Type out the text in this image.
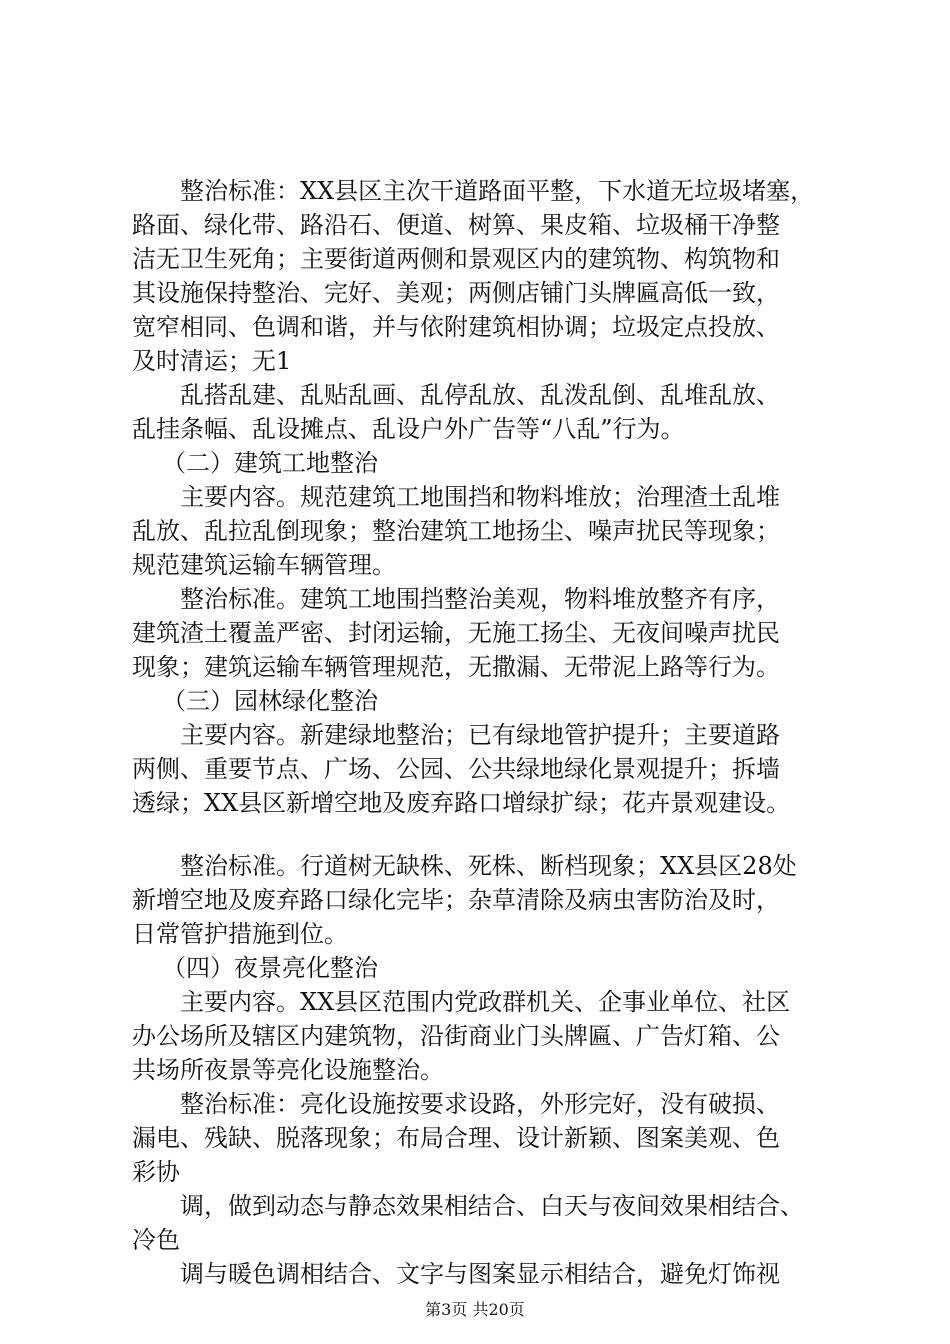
整治标准：XX县区主次干道路面平整，下水道无垃圾堵塞，
路面、绿化带、路沿石、便道、树箅、果皮箱、垃圾桶干净整
洁无卫生死角；主要街道两侧和景观区内的建筑物、构筑物和
其设施保持整治、完好、美观；两侧店铺门头牌匾高低一致，
宽窄相同、色调和谐，并与依附建筑相协调；垃圾定点投放、
及时清运；无1
乱搭乱建、乱贴乱画、乱停乱放、乱泼乱倒、乱堆乱放、
乱挂条幅、乱设摊点、乱设户外广告等“八乱”行为。
（二）建筑工地整治
主要内容。规范建筑工地围挡和物料堆放；治理渣土乱堆
乱放、乱拉乱倒现象；整治建筑工地扬尘、噪声扰民等现象；
规范建筑运输车辆管理。
整治标准。建筑工地围挡整治美观，物料堆放整齐有序，
建筑渣土覆盖严密、封闭运输，无施工扬尘、无夜间噪声扰民
现象；建筑运输车辆管理规范，无撒漏、无带泥上路等行为。
（三）园林绿化整治
主要内容。新建绿地整治；已有绿地管护提升；主要道路
两侧、重要节点、广场、公园、公共绿地绿化景观提升；拆墙
透绿；XX县区新增空地及废弃路口增绿扩绿；花卉景观建设。
整治标准。行道树无缺株、死株、断档现象；XX县区28处
新增空地及废弃路口绿化完毕；杂草清除及病虫害防治及时，
日常管护措施到位。
（四）夜景亮化整治
主要内容。XX县区范围内党政群机关、企事业单位、社区
办公场所及辖区内建筑物，沿街商业门头牌匾、广告灯箱、公
共场所夜景等亮化设施整治。
整治标准：亮化设施按要求设路，外形完好，没有破损、
漏电、残缺、脱落现象；布局合理、设计新颖、图案美观、色
彩协
调，做到动态与静态效果相结合、白天与夜间效果相结合、
冷色
调与暖色调相结合、文字与图案显示相结合，避免灯饰视
第3页 共20页
